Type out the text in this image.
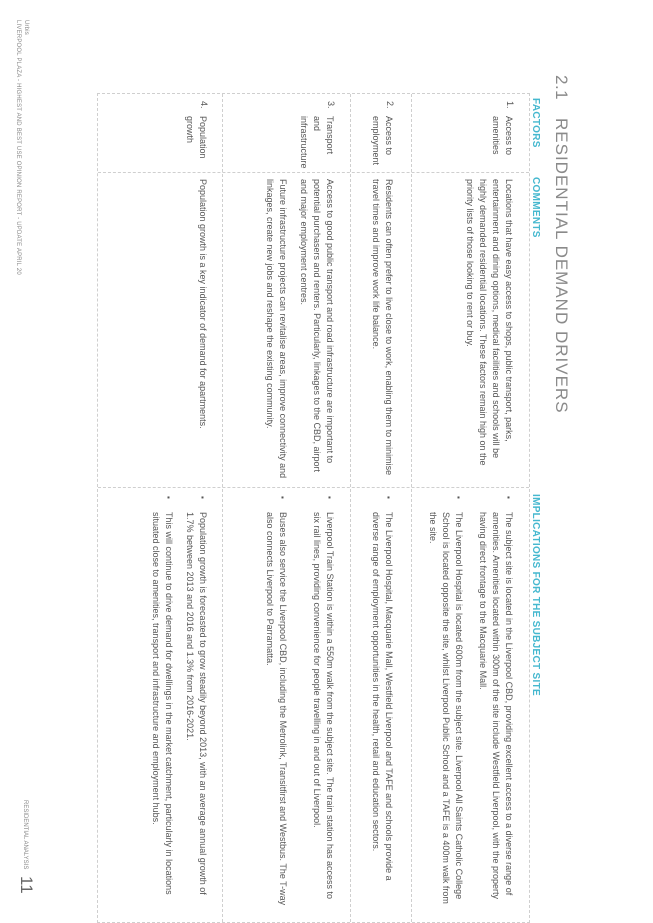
2.1
RESIDENTIAL DEMAND DRIVERS
FACTORS
COMMENTS
IMPLICATIONS FOR THE SUBJECT SITE
1.
Access to amenities
Locations that have easy access to shops, public transport, parks, entertainment and dining options, medical facilities and schools will be highly demanded residential locations. These factors remain high on the priority lists of those looking to rent or buy.
▪ The subject site is located in the Liverpool CBD, providing excellent access to a diverse range of amenities. Amenities located within 300m of the site include Westfield Liverpool, with the property having direct frontage to the Macquarie Mall.
▪ The Liverpool Hospital is located 600m from the subject site. Liverpool All Saints Catholic College School is located opposite the site, whilst Liverpool Public School and a TAFE is a 400m walk from the site.
2.
Access to employment
Residents can often prefer to live close to work, enabling them to minimise travel times and improve work life balance.
▪ The Liverpool Hospital, Macquarie Mall, Westfield Liverpool and TAFE and schools provide a diverse range of employment opportunities in the health, retail and education sectors.
3.
Transport and infrastructure
Access to good public transport and road infrastructure are important to potential purchasers and renters. Particularly, linkages to the CBD, airport and major employment centres.
Future infrastructure projects can revitalise areas, improve connectivity and linkages, create new jobs and reshape the existing community.
▪ Liverpool Train Station is within a 550m walk from the subject site. The train station has access to six rail lines, providing convenience for people travelling in and out of Liverpool.
▪ Buses also service the Liverpool CBD, including the Metrolink, Transitfirst and Westbus. The T-way also connects Liverpool to Parramatta.
4.
Population growth
Population growth is a key indicator of demand for apartments.
▪ Population growth is forecasted to grow steadily beyond 2013, with an average annual growth of 1.7% between 2013 and 2016 and 1.3% from 2016-2021.
▪ This will continue to drive demand for dwellings in the market catchment, particularly in locations situated close to amenities, transport and infrastructure and employment hubs.
Urbis
LIVERPOOL PLAZA - HIGHEST AND BEST USE OPINION REPORT - UPDATE APRIL 20
RESIDENTIAL ANALYSIS
11
